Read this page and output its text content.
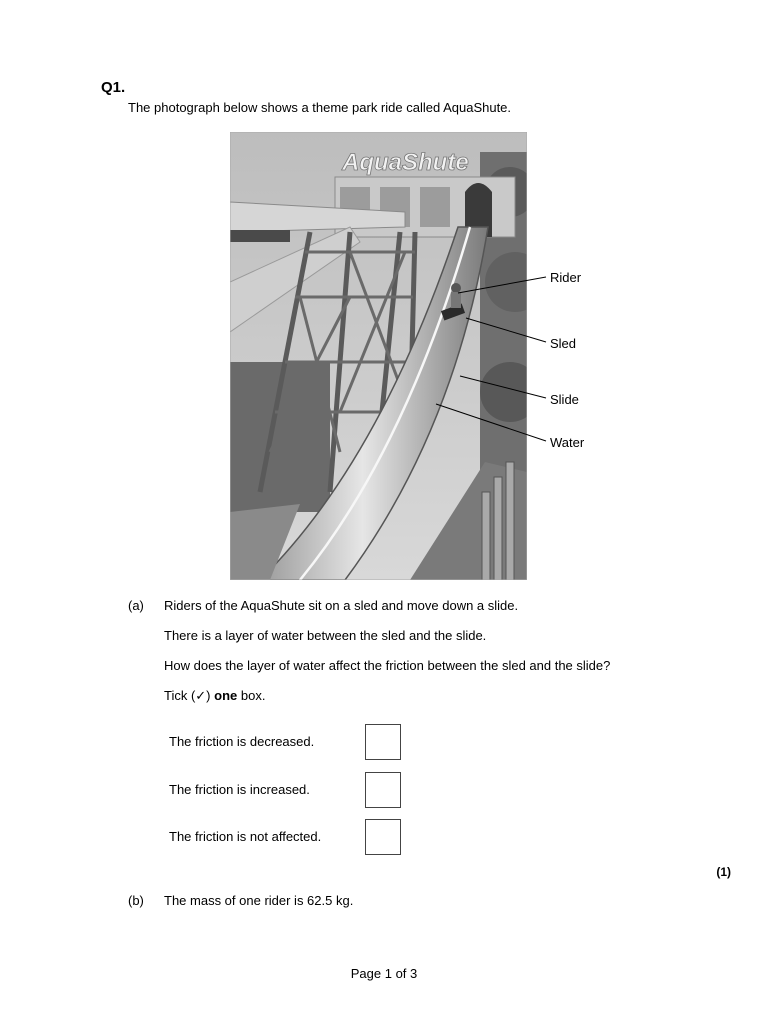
Q1.
The photograph below shows a theme park ride called AquaShute.
AquaShute
Rider
Sled
Slide
Water
(a) Riders of the AquaShute sit on a sled and move down a slide.
There is a layer of water between the sled and the slide.
How does the layer of water affect the friction between the sled and the slide?
Tick (✓) one box.
The friction is decreased.
The friction is increased.
The friction is not affected.
(1)
(b) The mass of one rider is 62.5 kg.
Page 1 of 3
